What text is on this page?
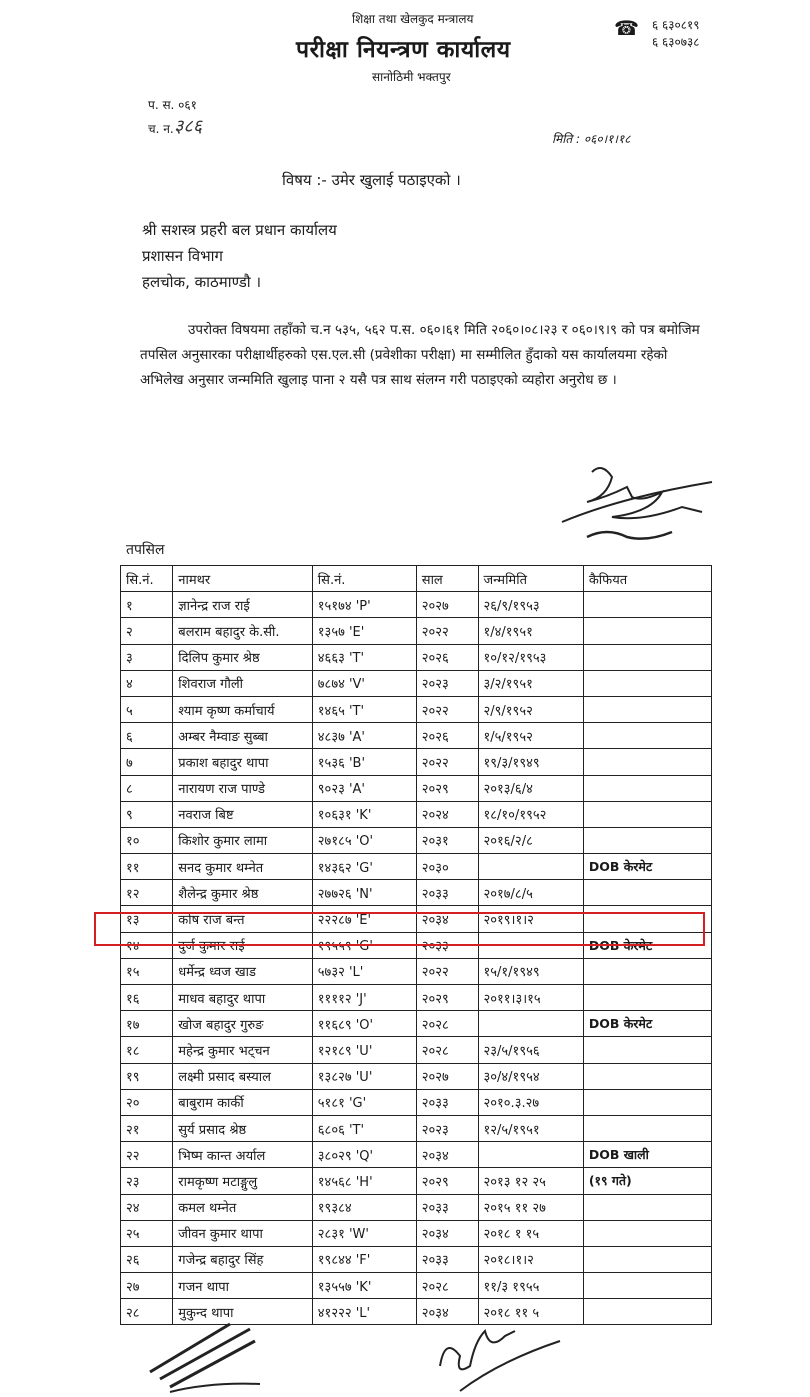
शिक्षा तथा खेलकुद मन्त्रालय
परीक्षा नियन्त्रण कार्यालय
सानोठिमी भक्तपुर
☎ ६ ६३०८१९
६ ६३०७३८
प. स. ०६१
च. न. ३८६
मिति : ०६०।१।१८
विषय :- उमेर खुलाई पठाइएको ।
श्री सशस्त्र प्रहरी बल प्रधान कार्यालय
प्रशासन विभाग
हलचोक, काठमाण्डौ ।
उपरोक्त विषयमा तहाँको च.न ५३५, ५६२ प.स. ०६०।६१ मिति २०६०।०८।२३ र ०६०।९।९ को पत्र बमोजिम तपसिल अनुसारका परीक्षार्थीहरुको एस.एल.सी (प्रवेशीका परीक्षा) मा सम्मीलित हुँदाको यस कार्यालयमा रहेको अभिलेख अनुसार जन्ममिति खुलाइ पाना २ यसै पत्र साथ संलग्न गरी पठाइएको व्यहोरा अनुरोध छ ।
तपसिल
सि.नं.	नामथर	सि.नं.	साल	जन्ममिति	कैफियत
१	ज्ञानेन्द्र राज राई	१५१७४ 'P'	२०२७	२६/९/१९५३	
२	बलराम बहादुर के.सी.	१३५७ 'E'	२०२२	१/४/१९५१	
३	दिलिप कुमार श्रेष्ठ	४६६३ 'T'	२०२६	१०/१२/१९५३	
४	शिवराज गौली	७८७४ 'V'	२०२३	३/२/१९५१	
५	श्याम कृष्ण कर्माचार्य	१४६५ 'T'	२०२२	२/९/१९५२	
६	अम्बर नैम्वाङ सुब्बा	४८३७ 'A'	२०२६	१/५/१९५२	
७	प्रकाश बहादुर थापा	१५३६ 'B'	२०२२	१९/३/१९४९	
८	नारायण राज पाण्डे	९०२३ 'A'	२०२९	२०१३/६/४	
९	नवराज बिष्ट	१०६३१ 'K'	२०२४	१८/१०/१९५२	
१०	किशोर कुमार लामा	२७१८५ 'O'	२०३१	२०१६/२/८	
११	सनद कुमार थम्नेत	१४३६२ 'G'	२०३०		DOB केरमेट
१२	शैलेन्द्र कुमार श्रेष्ठ	२७७२६ 'N'	२०३३	२०१७/८/५	
१३	कोष राज बन्त	२२२८७ 'E'	२०३४	२०१९।१।२	
१४	दुर्ज कुमार राई	१९५५९ 'G'	२०३३		DOB केरमेट
१५	धर्मेन्द्र ध्वज खाड	५७३२ 'L'	२०२२	१५/१/१९४९	
१६	माधव बहादुर थापा	११११२ 'J'	२०२९	२०११।३।१५	
१७	खोज बहादुर गुरुङ	११६८९ 'O'	२०२८		DOB केरमेट
१८	महेन्द्र कुमार भट्चन	१२१८९ 'U'	२०२८	२३/५/१९५६	
१९	लक्ष्मी प्रसाद बस्याल	१३८२७ 'U'	२०२७	३०/४/१९५४	
२०	बाबुराम कार्की	५१८१ 'G'	२०३३	२०१०.३.२७	
२१	सुर्य प्रसाद श्रेष्ठ	६८०६ 'T'	२०२३	१२/५/१९५१	
२२	भिष्म कान्त अर्याल	३८०२९ 'Q'	२०३४		DOB खाली
२३	रामकृष्ण मटाङ्गुलु	१४५६८ 'H'	२०२९	२०१३ १२ २५	(१९ गते)
२४	कमल थम्नेत	१९३८४	२०३३	२०१५ ११ २७	
२५	जीवन कुमार थापा	२८३१ 'W'	२०३४	२०१८ १ १५	
२६	गजेन्द्र बहादुर सिंह	१९८४४ 'F'	२०३३	२०१८।१।२	
२७	गजन थापा	१३५५७ 'K'	२०२८	११/३ १९५५	
२८	मुकुन्द थापा	४१२२२ 'L'	२०३४	२०१८ ११ ५	
